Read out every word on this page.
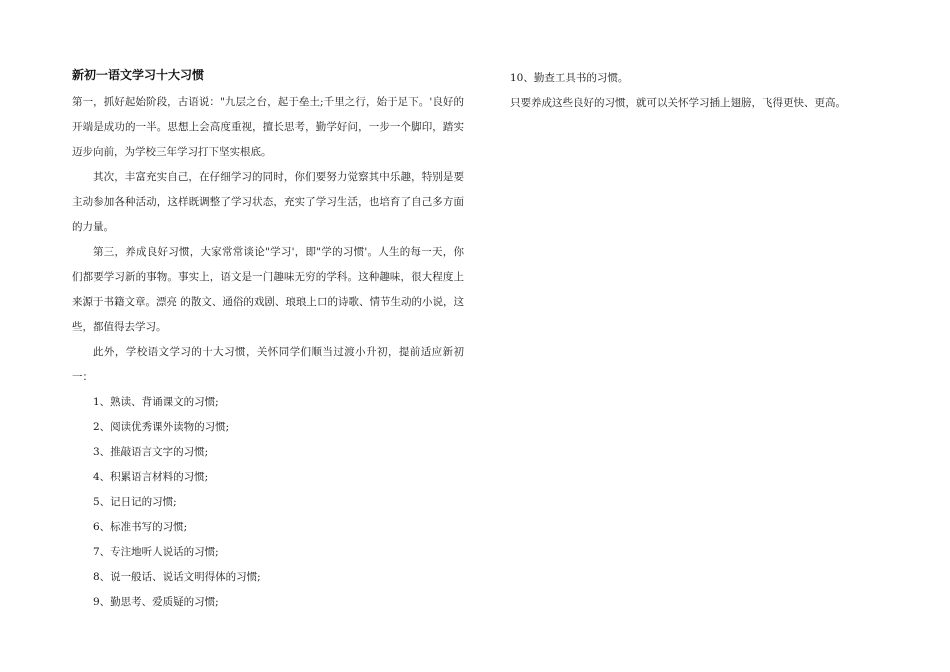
新初一语文学习十大习惯

第一，抓好起始阶段，古语说："九层之台，起于垒土;千里之行，始于足下。'良好的开端是成功的一半。思想上会高度重视，擅长思考，勤学好问，一步一个脚印，踏实迈步向前，为学校三年学习打下坚实根底。

其次，丰富充实自己，在仔细学习的同时，你们要努力觉察其中乐趣，特别是要主动参加各种活动，这样既调整了学习状态，充实了学习生活，也培育了自己多方面的力量。

第三，养成良好习惯，大家常常谈论"学习'，即"学的习惯'。人生的每一天，你们都要学习新的事物。事实上，语文是一门趣味无穷的学科。这种趣味，很大程度上来源于书籍文章。漂亮 的散文、通俗的戏剧、琅琅上口的诗歌、情节生动的小说，这些，都值得去学习。

此外，学校语文学习的十大习惯，关怀同学们顺当过渡小升初，提前适应新初一：

1、熟读、背诵课文的习惯;
2、阅读优秀课外读物的习惯;
3、推敲语言文字的习惯;
4、积累语言材料的习惯;
5、记日记的习惯;
6、标准书写的习惯;
7、专注地听人说话的习惯;
8、说一般话、说话文明得体的习惯;
9、勤思考、爱质疑的习惯;

10、勤查工具书的习惯。

只要养成这些良好的习惯，就可以关怀学习插上翅膀，飞得更快、更高。
